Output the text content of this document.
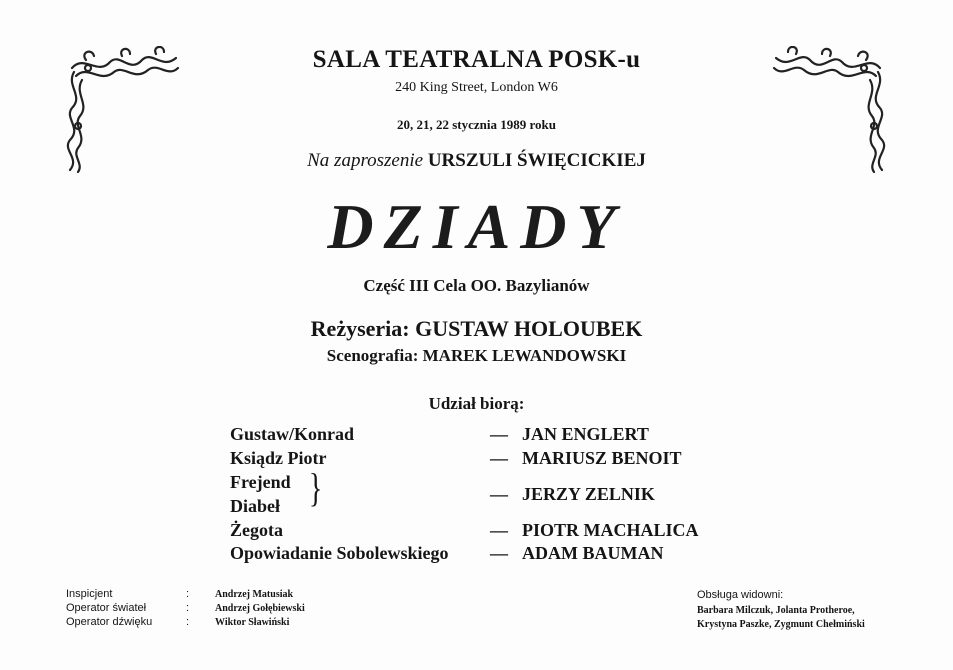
SALA TEATRALNA POSK-u
240 King Street, London W6
20, 21, 22 stycznia 1989 roku
Na zaproszenie URSZULI ŚWIĘCICKIEJ
DZIADY
Część III Cela OO. Bazylianów
Reżyseria: GUSTAW HOLOUBEK
Scenografia: MAREK LEWANDOWSKI
Udział biorą:
Gustaw/Konrad	— JAN ENGLERT
Ksiądz Piotr	— MARIUSZ BENOIT
Frejend
Diabeł }	— JERZY ZELNIK
Żegota	— PIOTR MACHALICA
Opowiadanie Sobolewskiego — ADAM BAUMAN
Inspicjent	:	Andrzej Matusiak
Operator świateł	:	Andrzej Gołębiewski
Operator dźwięku	:	Wiktor Sławiński
Obsługa widowni:
Barbara Milczuk, Jolanta Protheroe,
Krystyna Paszke, Zygmunt Chełmiński
